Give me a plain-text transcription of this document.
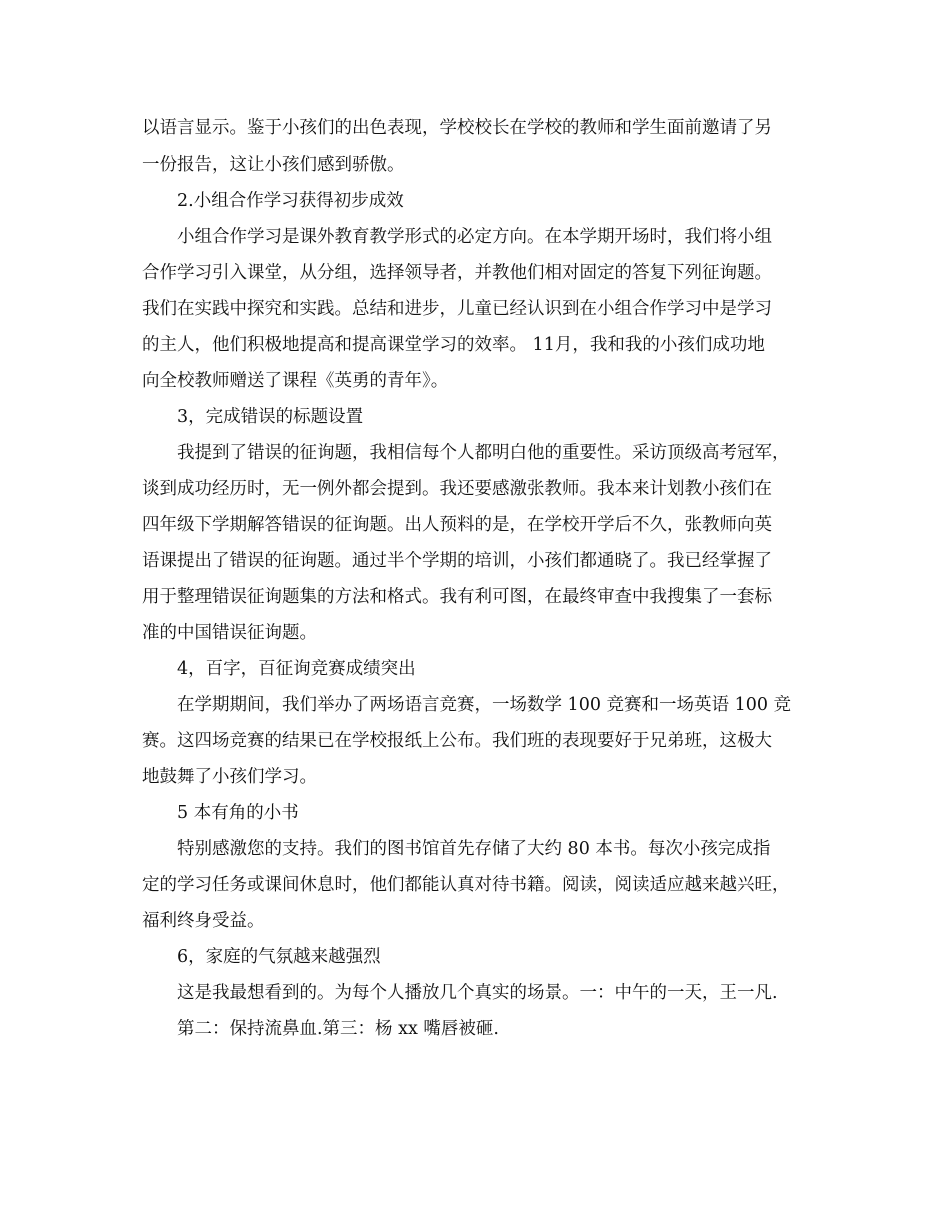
以语言显示。鉴于小孩们的出色表现，学校校长在学校的教师和学生面前邀请了另
一份报告，这让小孩们感到骄傲。
2.小组合作学习获得初步成效
小组合作学习是课外教育教学形式的必定方向。在本学期开场时，我们将小组
合作学习引入课堂，从分组，选择领导者，并教他们相对固定的答复下列征询题。
我们在实践中探究和实践。总结和进步，儿童已经认识到在小组合作学习中是学习
的主人，他们积极地提高和提高课堂学习的效率。 11月，我和我的小孩们成功地
向全校教师赠送了课程《英勇的青年》。
3，完成错误的标题设置
我提到了错误的征询题，我相信每个人都明白他的重要性。采访顶级高考冠军，
谈到成功经历时，无一例外都会提到。我还要感激张教师。我本来计划教小孩们在
四年级下学期解答错误的征询题。出人预料的是，在学校开学后不久，张教师向英
语课提出了错误的征询题。通过半个学期的培训，小孩们都通晓了。我已经掌握了
用于整理错误征询题集的方法和格式。我有利可图，在最终审查中我搜集了一套标
准的中国错误征询题。
4，百字，百征询竞赛成绩突出
在学期期间，我们举办了两场语言竞赛，一场数学 100 竞赛和一场英语 100 竞
赛。这四场竞赛的结果已在学校报纸上公布。我们班的表现要好于兄弟班，这极大
地鼓舞了小孩们学习。
5 本有角的小书
特别感激您的支持。我们的图书馆首先存储了大约 80 本书。每次小孩完成指
定的学习任务或课间休息时，他们都能认真对待书籍。阅读，阅读适应越来越兴旺，
福利终身受益。
6，家庭的气氛越来越强烈
这是我最想看到的。为每个人播放几个真实的场景。一：中午的一天，王一凡.
第二：保持流鼻血.第三：杨 xx 嘴唇被砸.
